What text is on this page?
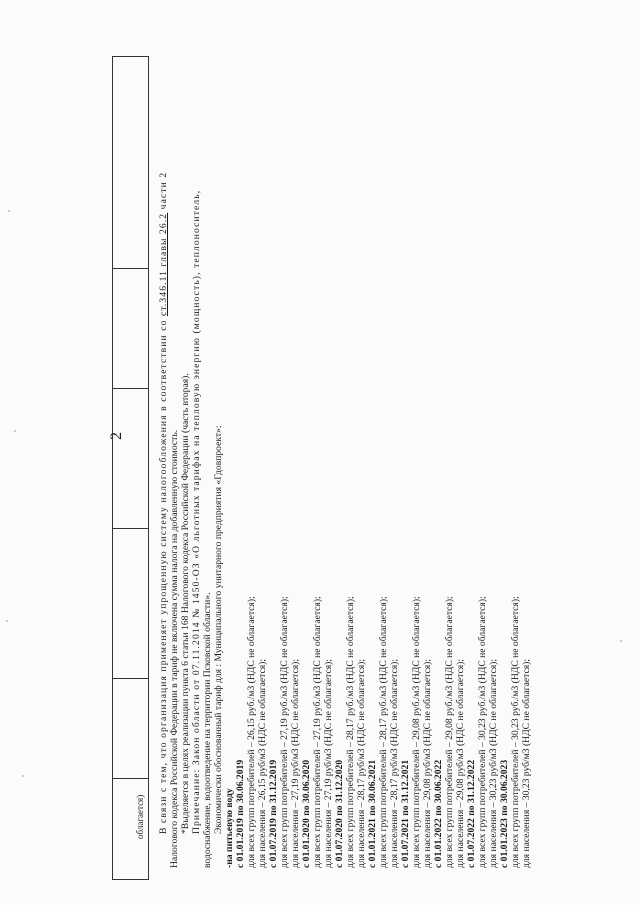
2
облагается) В связи с тем, что организация применяет упрощенную систему налогообложения в соответствии со ст.346.11 главы 26.2 части 2

Налогового кодекса Российской Федерации в тариф не включена сумма налога на добавленную стоимость. *Выделяется в целях реализации пункта 6 статьи 168 Налогового кодекса Российской Федерации (часть вторая). Примечание: Закон области от 07.11.2014 № 1450-ОЗ «О льготных тарифах на тепловую энергию (мощность), теплоноситель, водоснабжение, водоотведение на территории Псковской области». Экономически обоснованный тариф для : Муниципального унитарного предприятия «Гдовпроект»: -на питьевую воду с 01.01.2019 по 30.06.2019 для всех групп потребителей – 26,15 руб./м3 (НДС не облагается); для населения – 26,15 руб/м3 (НДС не облагается); с 01.07.2019 по 31.12.2019 для всех групп потребителей – 27,19 руб./м3 (НДС не облагается); для населения – 27,19 руб/м3 (НДС не облагается); с 01.01.2020 по 30.06.2020 для всех групп потребителей – 27,19 руб./м3 (НДС не облагается); для населения – 27,19 руб/м3 (НДС не облагается); с 01.07.2020 по 31.12.2020 для всех групп потребителей – 28,17 руб./м3 (НДС не облагается); для населения – 28,17 руб/м3 (НДС не облагается); с 01.01.2021 по 30.06.2021 для всех групп потребителей – 28,17 руб./м3 (НДС не облагается); для населения – 28,17 руб/м3 (НДС не облагается); с 01.07.2021 по 31.12.2021 для всех групп потребителей – 29,08 руб./м3 (НДС не облагается); для населения – 29,08 руб/м3 (НДС не облагается); с 01.01.2022 по 30.06.2022 для всех групп потребителей – 29,08 руб./м3 (НДС не облагается); для населения – 29,08 руб/м3 (НДС не облагается); с 01.07.2022 по 31.12.2022 для всех групп потребителей – 30,23 руб./м3 (НДС не облагается); для населения – 30,23 руб/м3 (НДС не облагается); с 01.01.2023 по 30.06.2023 для всех групп потребителей – 30,23 руб./м3 (НДС не облагается); для населения – 30,23 руб/м3 (НДС не облагается);
